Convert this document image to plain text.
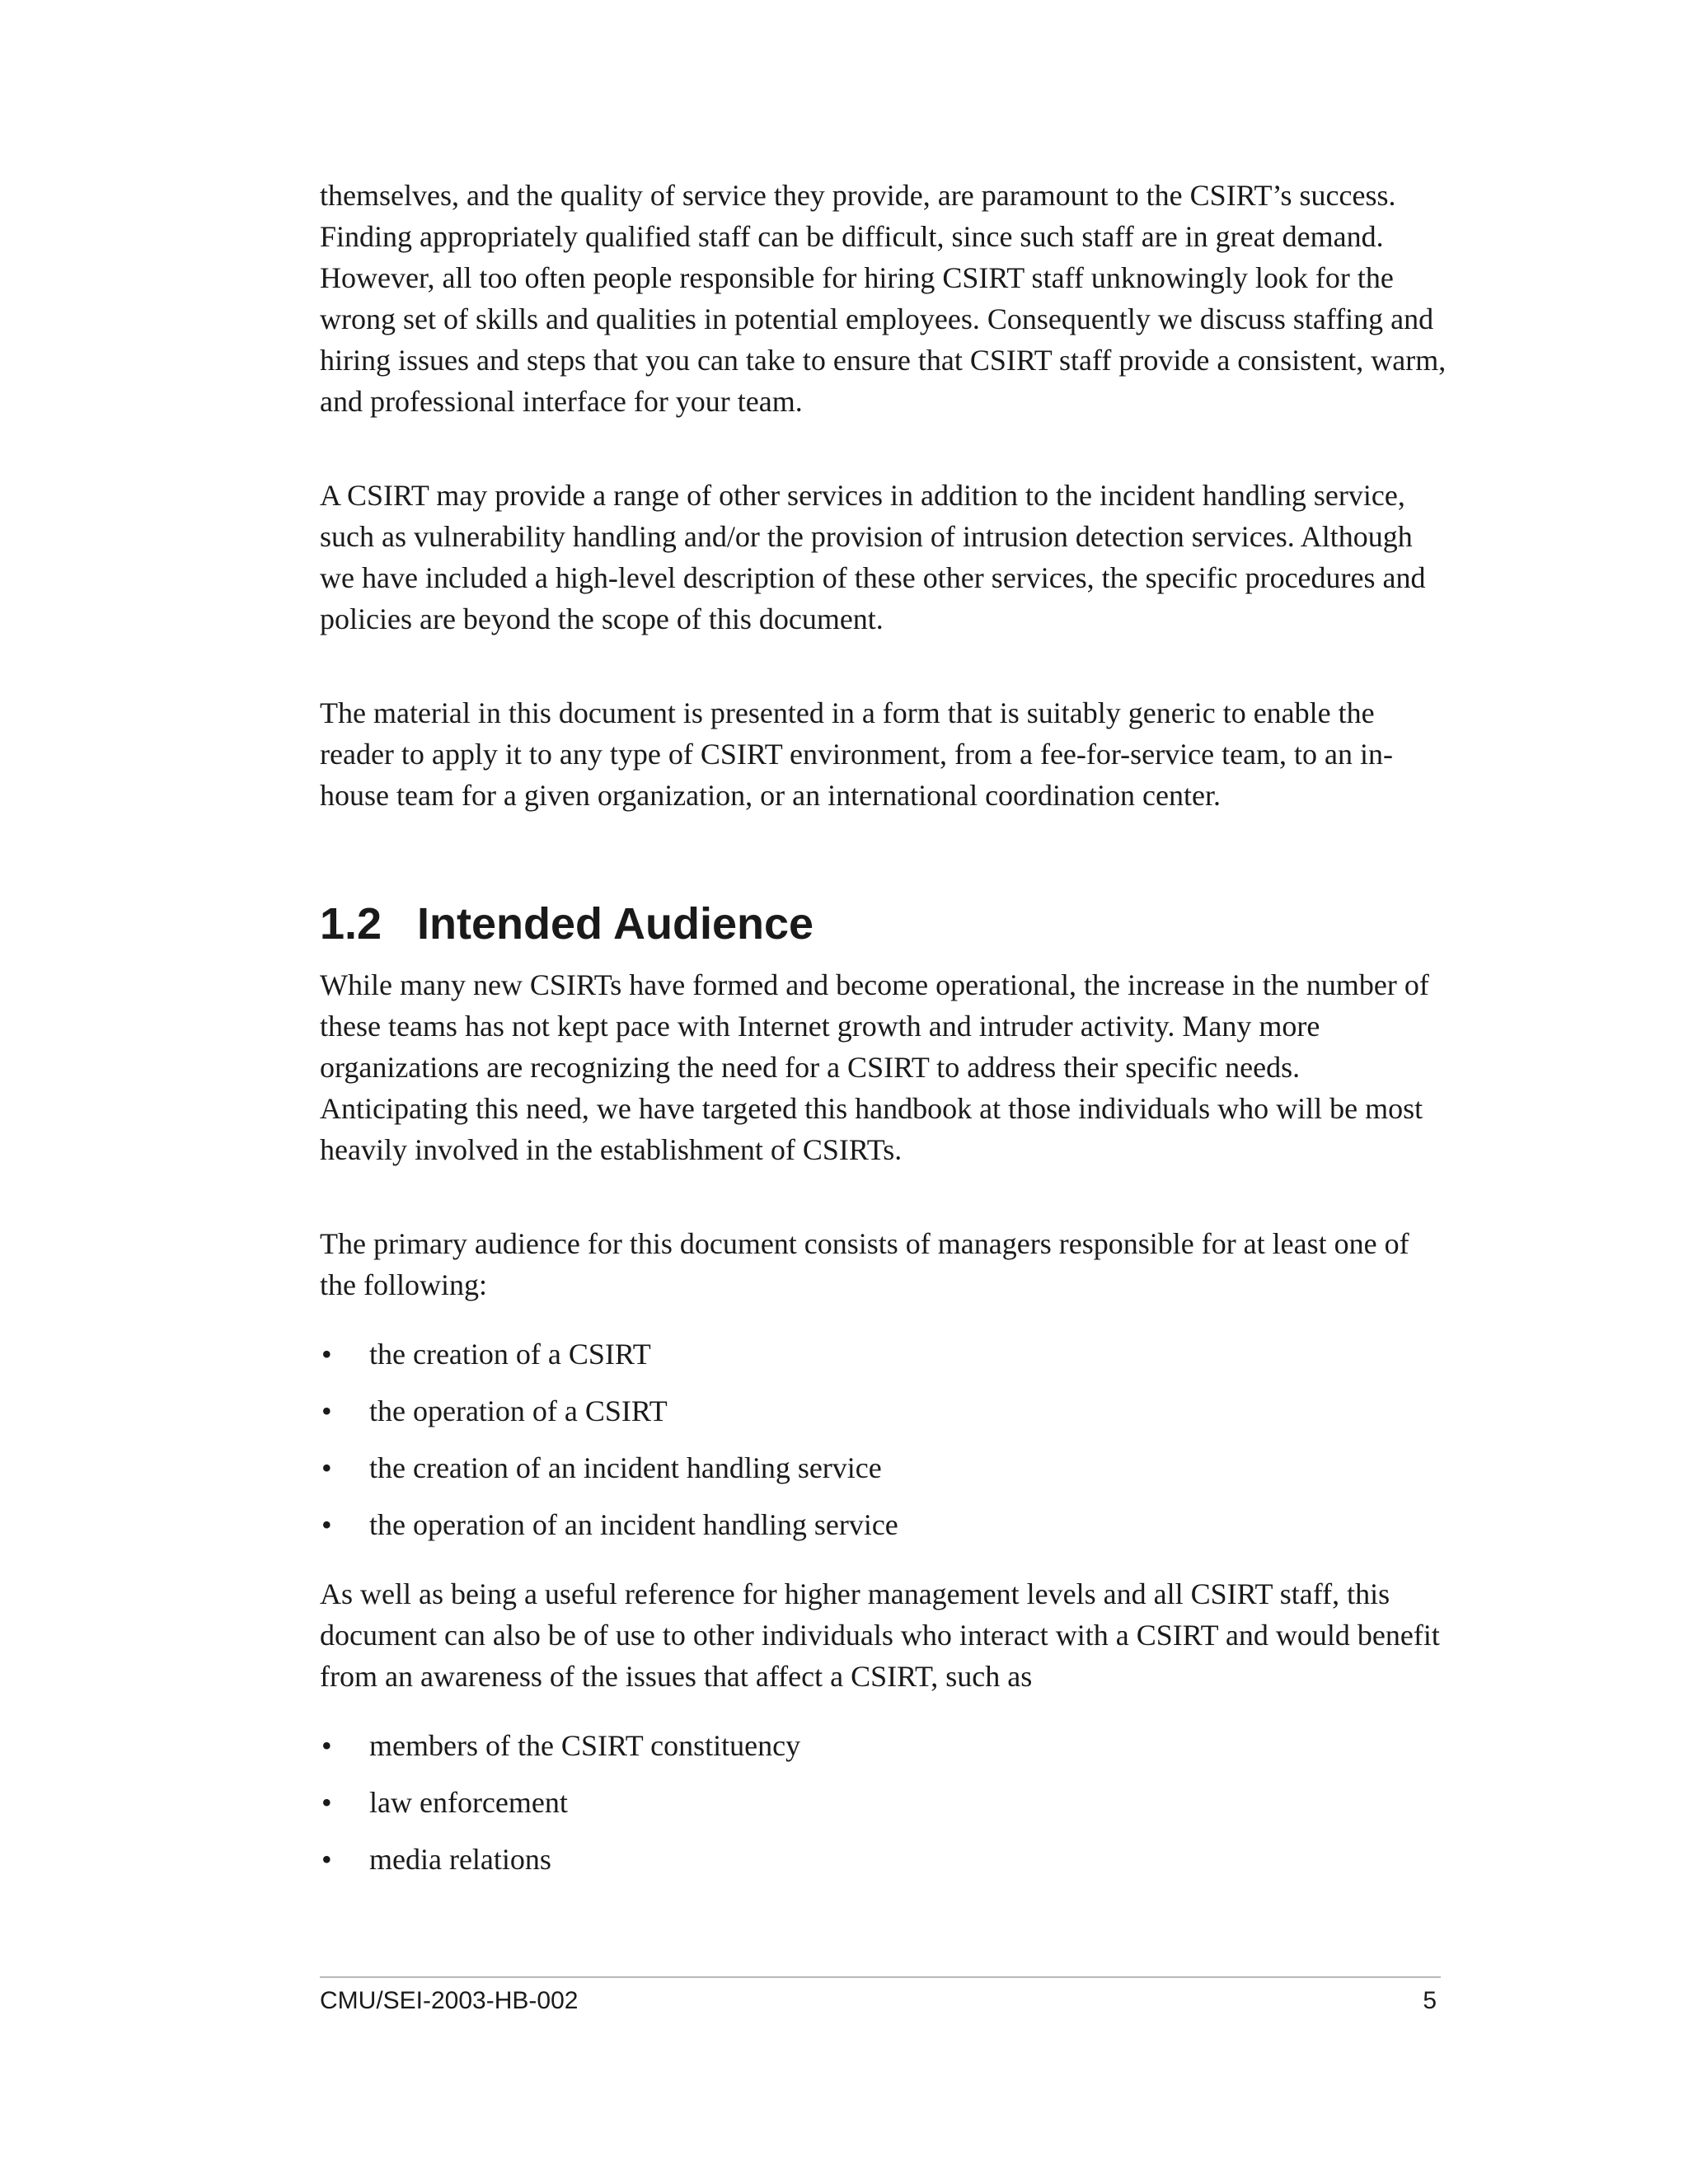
themselves, and the quality of service they provide, are paramount to the CSIRT’s success. Finding appropriately qualified staff can be difficult, since such staff are in great demand. However, all too often people responsible for hiring CSIRT staff unknowingly look for the wrong set of skills and qualities in potential employees. Consequently we discuss staffing and hiring issues and steps that you can take to ensure that CSIRT staff provide a consistent, warm, and professional interface for your team.

A CSIRT may provide a range of other services in addition to the incident handling service, such as vulnerability handling and/or the provision of intrusion detection services. Although we have included a high-level description of these other services, the specific procedures and policies are beyond the scope of this document.

The material in this document is presented in a form that is suitably generic to enable the reader to apply it to any type of CSIRT environment, from a fee-for-service team, to an in-house team for a given organization, or an international coordination center.

1.2 Intended Audience

While many new CSIRTs have formed and become operational, the increase in the number of these teams has not kept pace with Internet growth and intruder activity. Many more organizations are recognizing the need for a CSIRT to address their specific needs. Anticipating this need, we have targeted this handbook at those individuals who will be most heavily involved in the establishment of CSIRTs.

The primary audience for this document consists of managers responsible for at least one of the following:

•	the creation of a CSIRT
•	the operation of a CSIRT
•	the creation of an incident handling service
•	the operation of an incident handling service

As well as being a useful reference for higher management levels and all CSIRT staff, this document can also be of use to other individuals who interact with a CSIRT and would benefit from an awareness of the issues that affect a CSIRT, such as

•	members of the CSIRT constituency
•	law enforcement
•	media relations
CMU/SEI-2003-HB-002	5
